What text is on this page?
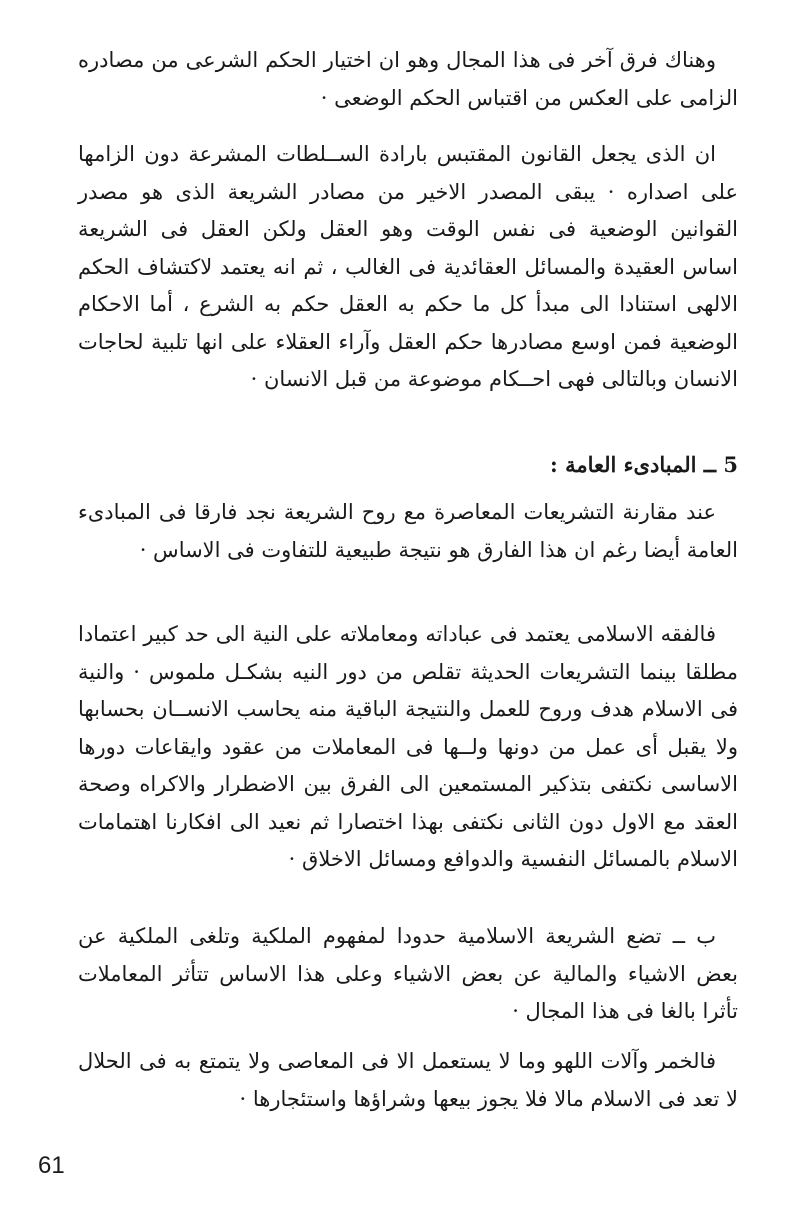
وهناك فرق آخر فى هذا المجال وهو ان اختيار الحكم الشرعى من مصادره الزامى على العكس من اقتباس الحكم الوضعى ·

ان الذى يجعل القانون المقتبس بارادة الســلطات المشرعة دون الزامها على اصداره · يبقى المصدر الاخير من مصادر الشريعة الذى هو مصدر القوانين الوضعية فى نفس الوقت وهو العقل ولكن العقل فى الشريعة اساس العقيدة والمسائل العقائدية فى الغالب ، ثم انه يعتمد لاكتشاف الحكم الالهى استنادا الى مبدأ كل ما حكم به العقل حكم به الشرع ، أما الاحكام الوضعية فمن اوسع مصادرها حكم العقل وآراء العقلاء على انها تلبية لحاجات الانسان وبالتالى فهى احــكام موضوعة من قبل الانسان ·

5 ــ المبادىء العامة :

عند مقارنة التشريعات المعاصرة مع روح الشريعة نجد فارقا فى المبادىء العامة أيضا رغم ان هذا الفارق هو نتيجة طبيعية للتفاوت فى الاساس ·

فالفقه الاسلامى يعتمد فى عباداته ومعاملاته على النية الى حد كبير اعتمادا مطلقا بينما التشريعات الحديثة تقلص من دور النيه بشكـل ملموس · والنية فى الاسلام هدف وروح للعمل والنتيجة الباقية منه يحاسب الانســان بحسابها ولا يقبل أى عمل من دونها ولــها فى المعاملات من عقود وايقاعات دورها الاساسى نكتفى بتذكير المستمعين الى الفرق بين الاضطرار والاكراه وصحة العقد مع الاول دون الثانى نكتفى بهذا اختصارا ثم نعيد الى افكارنا اهتمامات الاسلام بالمسائل النفسية والدوافع ومسائل الاخلاق ·

ب ــ تضع الشريعة الاسلامية حدودا لمفهوم الملكية وتلغى الملكية عن بعض الاشياء والمالية عن بعض الاشياء وعلى هذا الاساس تتأثر المعاملات تأثرا بالغا فى هذا المجال ·

فالخمر وآلات اللهو وما لا يستعمل الا فى المعاصى ولا يتمتع به فى الحلال لا تعد فى الاسلام مالا فلا يجوز بيعها وشراؤها واستئجارها ·

61
